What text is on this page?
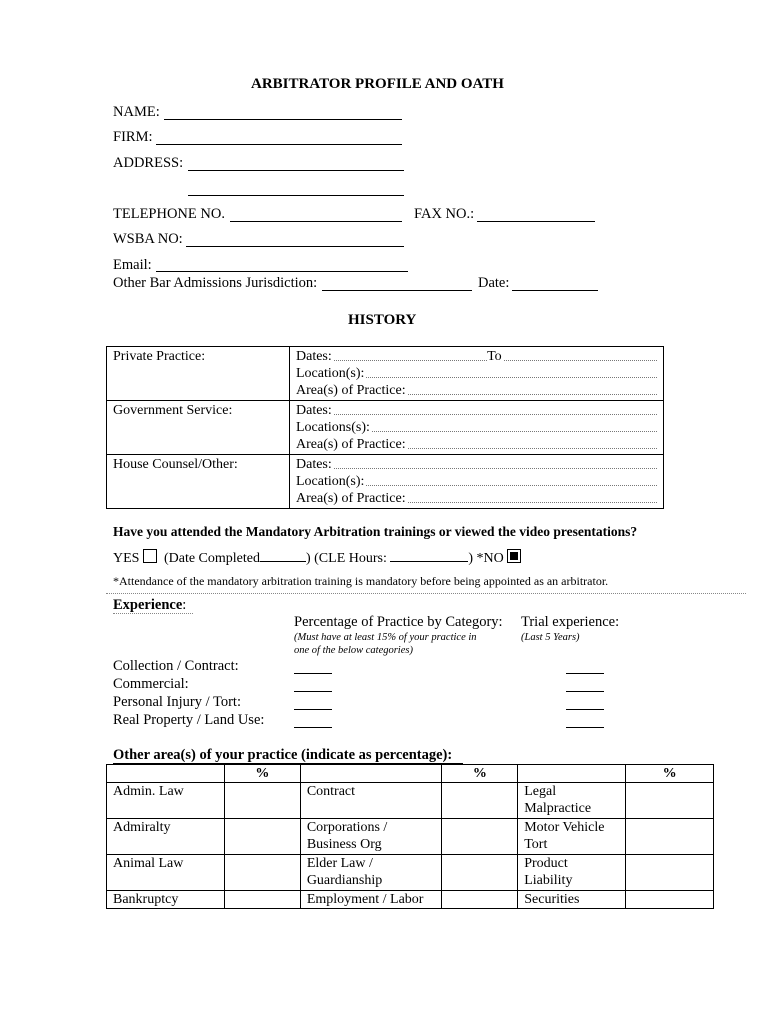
ARBITRATOR PROFILE AND OATH
NAME:
FIRM:
ADDRESS:
TELEPHONE NO.	FAX NO.:
WSBA NO:
Email:
Other Bar Admissions Jurisdiction:	Date:
HISTORY
Private Practice:	Dates: To
Location(s):
Area(s) of Practice:

Government Service:	Dates:
Locations(s):
Area(s) of Practice:

House Counsel/Other:	Dates:
Location(s):
Area(s) of Practice:
Have you attended the Mandatory Arbitration trainings or viewed the video presentations?
YES (Date Completed	) (CLE Hours:	) *NO
*Attendance of the mandatory arbitration training is mandatory before being appointed as an arbitrator.
Experience:
Percentage of Practice by Category:
(Must have at least 15% of your practice in
one of the below categories)
Trial experience:
(Last 5 Years)
Collection / Contract:
Commercial:
Personal Injury / Tort:
Real Property / Land Use:
Other area(s) of your practice (indicate as percentage):
	%		%		%
Admin. Law		Contract		Legal Malpractice	
Admiralty		Corporations / Business Org		Motor Vehicle Tort	
Animal Law		Elder Law / Guardianship		Product Liability	
Bankruptcy		Employment / Labor		Securities	
